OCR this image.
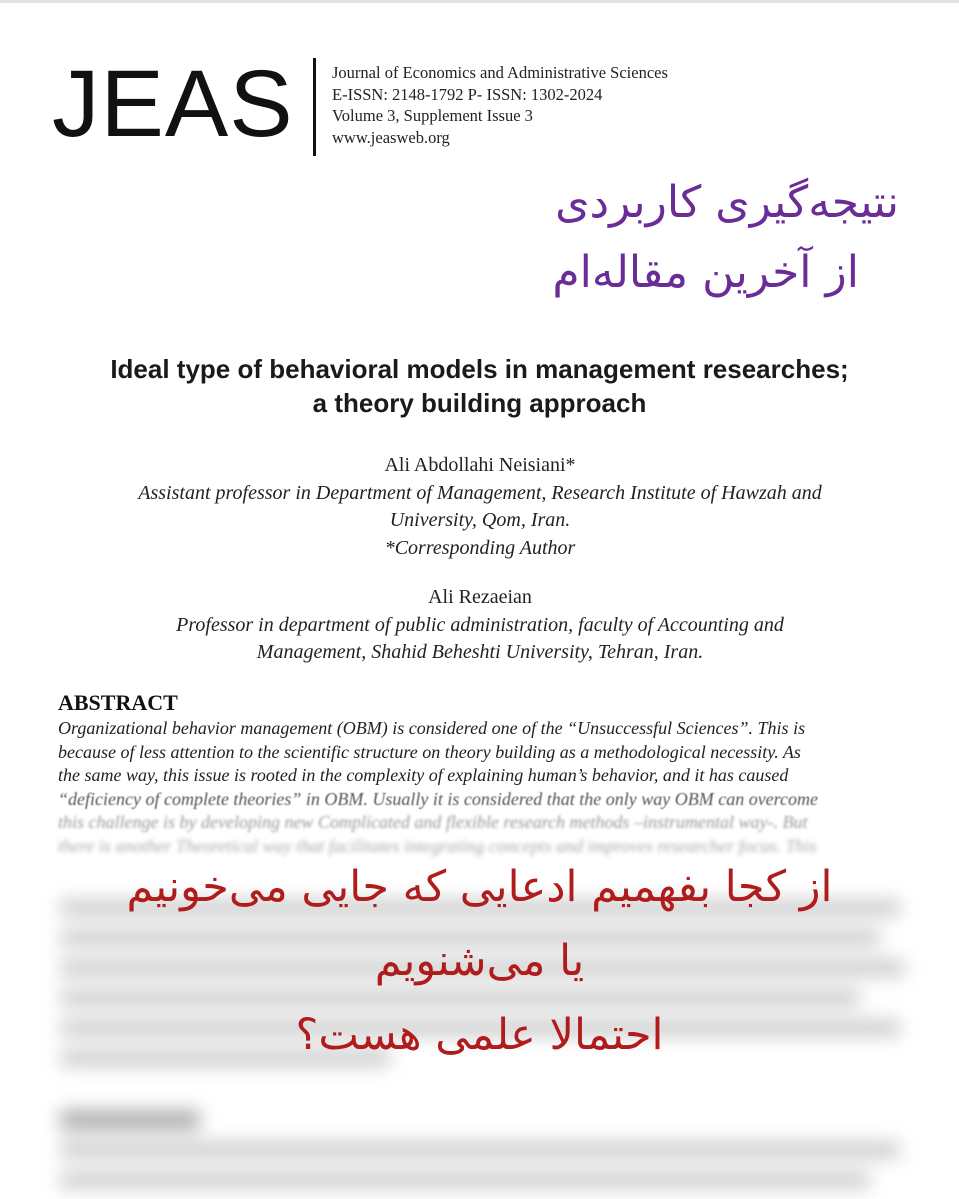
JEAS Journal of Economics and Administrative Sciences
E-ISSN: 2148-1792 P- ISSN: 1302-2024
Volume 3, Supplement Issue 3
www.jeasweb.org
نتیجه‌گیری کاربردی
از آخرین مقاله‌ام
Ideal type of behavioral models in management researches;
a theory building approach
Ali Abdollahi Neisiani*
Assistant professor in Department of Management, Research Institute of Hawzah and
University, Qom, Iran.
*Corresponding Author
Ali Rezaeian
Professor in department of public administration, faculty of Accounting and
Management, Shahid Beheshti University, Tehran, Iran.
ABSTRACT
Organizational behavior management (OBM) is considered one of the “Unsuccessful Sciences”. This is
because of less attention to the scientific structure on theory building as a methodological necessity. As
the same way, this issue is rooted in the complexity of explaining human’s behavior, and it has caused
“deficiency of complete theories” in OBM. Usually it is considered that the only way OBM can overcome
this challenge is by developing new Complicated and flexible research methods –instrumental way-. But
there is another Theoretical way that facilitates integrating concepts and improves researcher focus. This
از کجا بفهمیم ادعایی که جایی می‌خونیم
یا می‌شنویم
احتمالا علمی هست؟
